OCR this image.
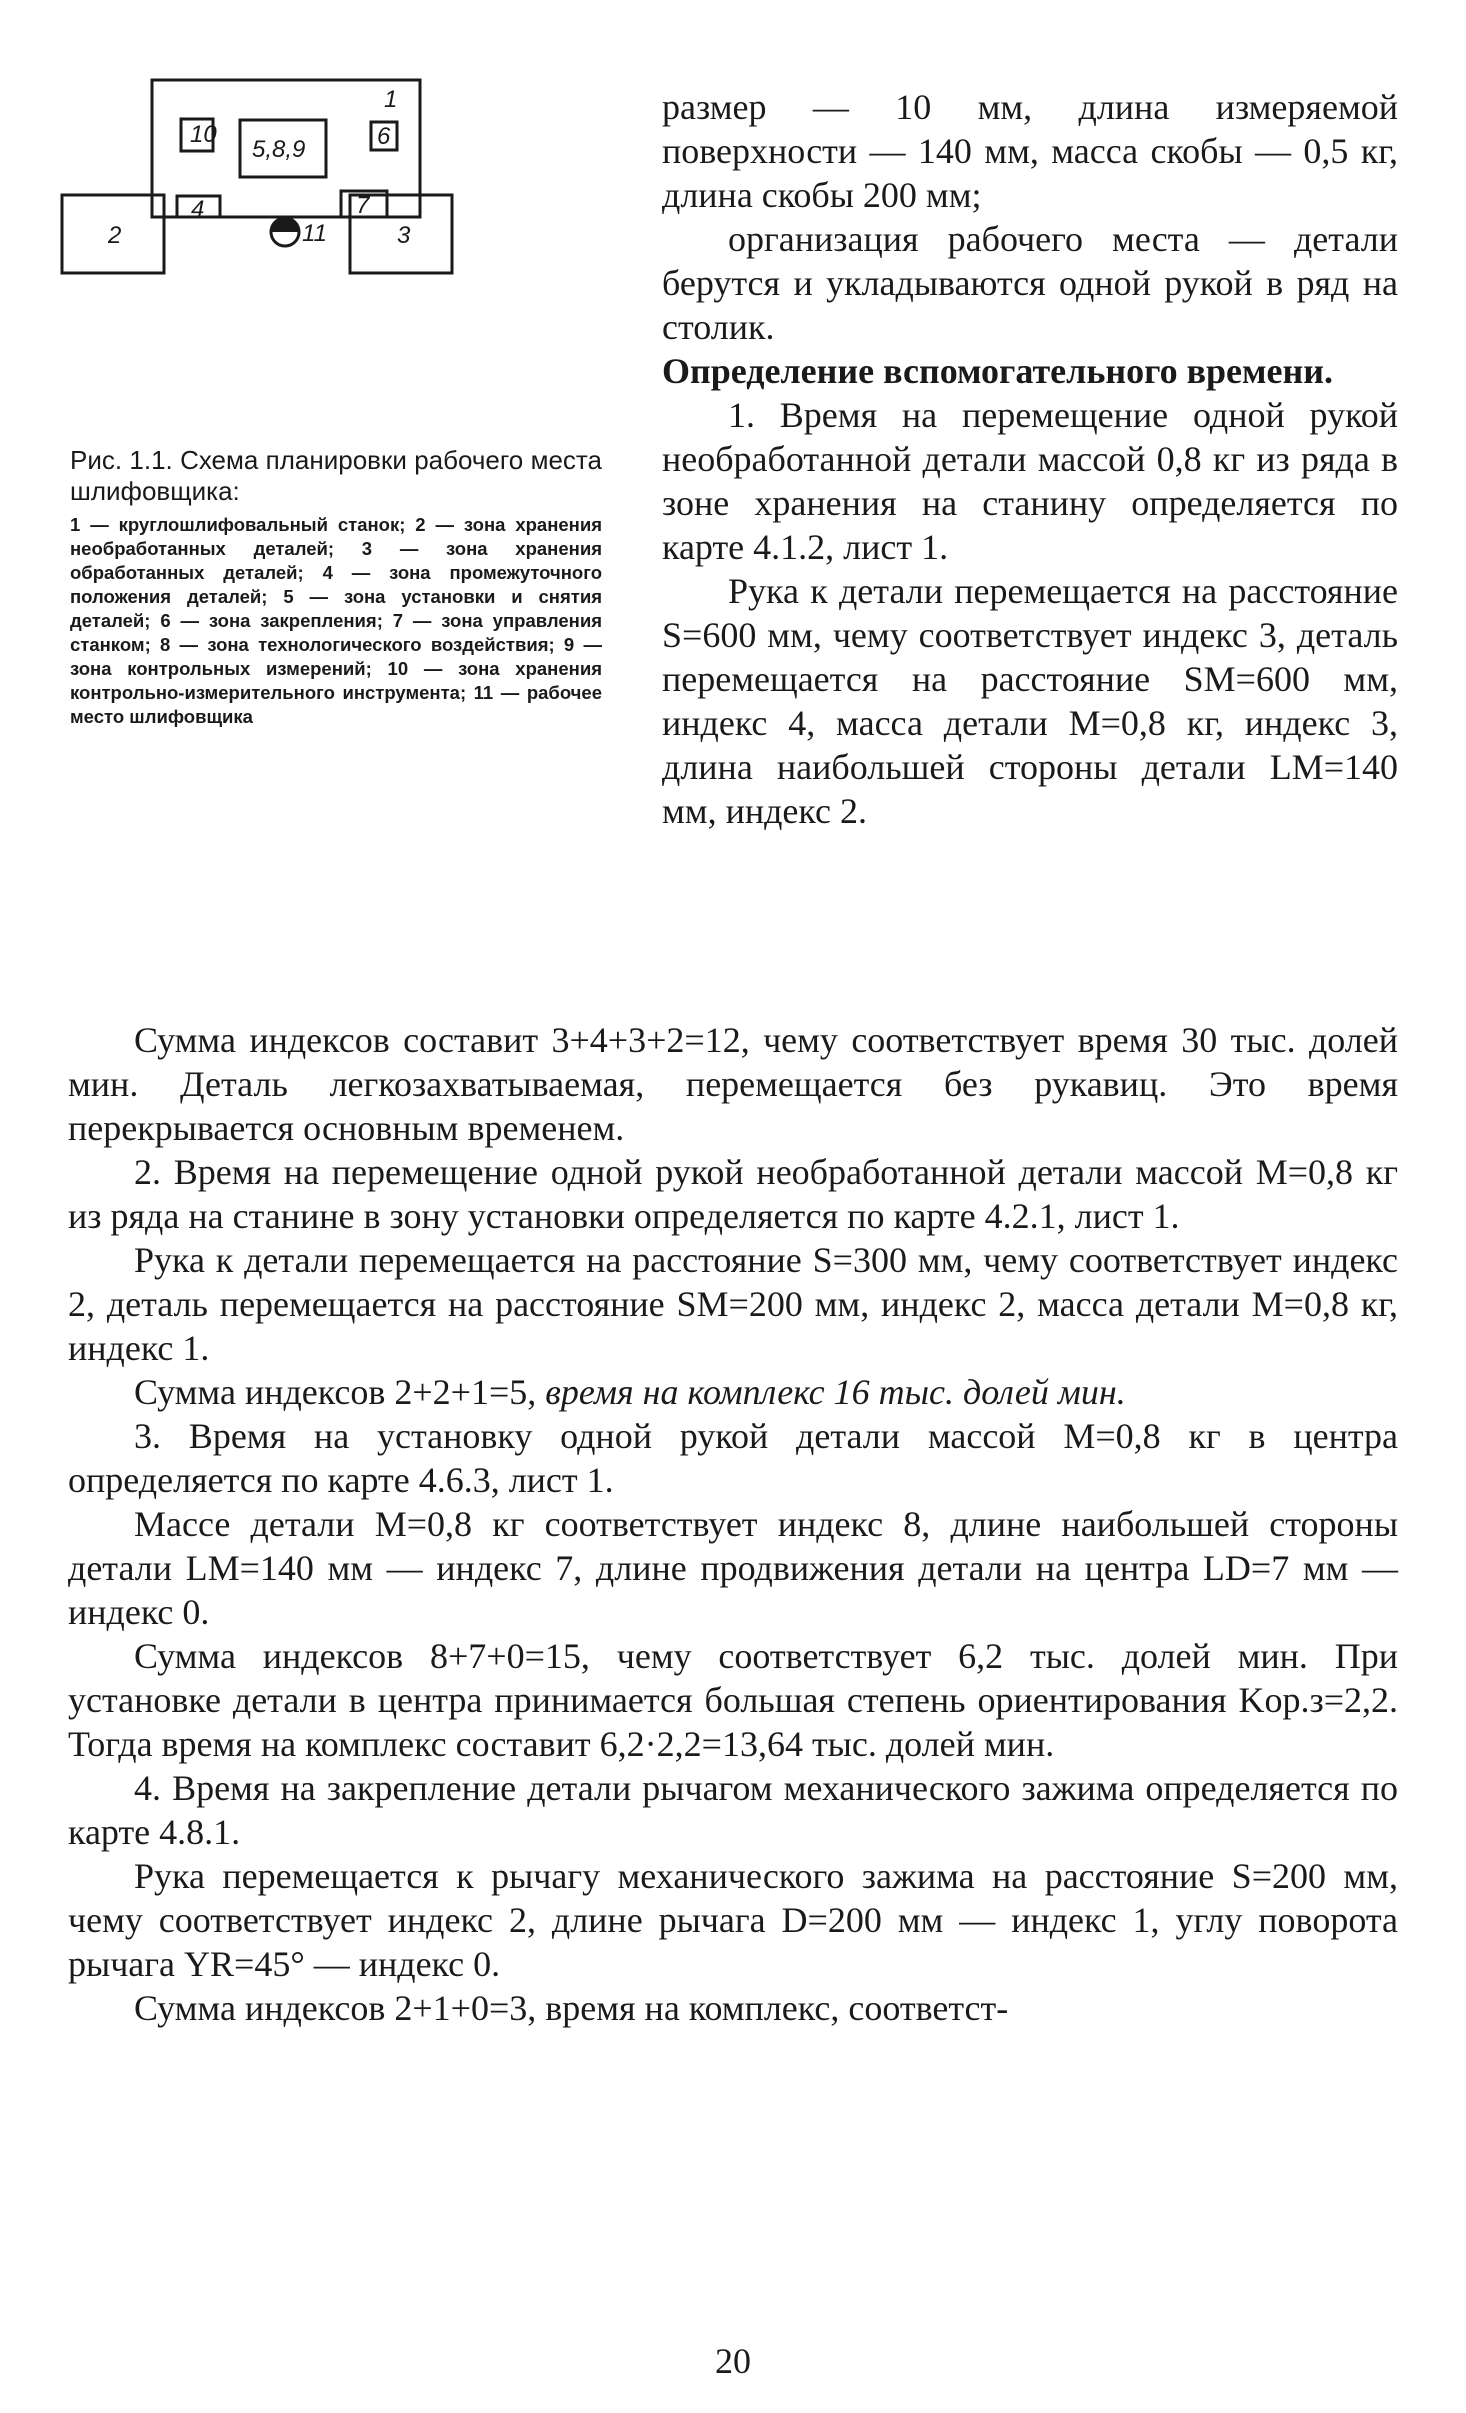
1
2	3
10
5,8,9	6
4	7
11
Рис. 1.1. Схема планировки рабочего места шлифовщика:
1 — круглошлифовальный станок; 2 — зона хранения необработанных деталей; 3 — зона хранения обработанных деталей; 4 — зона промежуточного положения деталей; 5 — зона установки и снятия деталей; 6 — зона закрепления; 7 — зона управления станком; 8 — зона технологического воздействия; 9 — зона контрольных измерений; 10 — зона хранения контрольно-измерительного инструмента; 11 — рабочее место шлифовщика

размер — 10 мм, длина измеряемой поверхности — 140 мм, масса скобы — 0,5 кг, длина скобы 200 мм;

организация рабочего места — детали берутся и укладываются одной рукой в ряд на столик.

Определение вспомогательного времени.

1. Время на перемещение одной рукой необработанной детали массой 0,8 кг из ряда в зоне хранения на станину определяется по карте 4.1.2, лист 1.

Рука к детали перемещается на расстояние S=600 мм, чему соответствует индекс 3, деталь перемещается на расстояние SM=600 мм, индекс 4, масса детали M=0,8 кг, индекс 3, длина наибольшей стороны детали LM=140 мм, индекс 2.

Сумма индексов составит 3+4+3+2=12, чему соответствует время 30 тыс. долей мин. Деталь легкозахватываемая, перемещается без рукавиц. Это время перекрывается основным временем.

2. Время на перемещение одной рукой необработанной детали массой M=0,8 кг из ряда на станине в зону установки определяется по карте 4.2.1, лист 1.

Рука к детали перемещается на расстояние S=300 мм, чему соответствует индекс 2, деталь перемещается на расстояние SM=200 мм, индекс 2, масса детали M=0,8 кг, индекс 1.

Сумма индексов 2+2+1=5, время на комплекс 16 тыс. долей мин.

3. Время на установку одной рукой детали массой M=0,8 кг в центра определяется по карте 4.6.3, лист 1.

Массе детали M=0,8 кг соответствует индекс 8, длине наибольшей стороны детали LM=140 мм — индекс 7, длине продвижения детали на центра LD=7 мм — индекс 0.

Сумма индексов 8+7+0=15, чему соответствует 6,2 тыс. долей мин. При установке детали в центра принимается большая степень ориентирования Kор.з=2,2. Тогда время на комплекс составит 6,2·2,2=13,64 тыс. долей мин.

4. Время на закрепление детали рычагом механического зажима определяется по карте 4.8.1.

Рука перемещается к рычагу механического зажима на расстояние S=200 мм, чему соответствует индекс 2, длине рычага D=200 мм — индекс 1, углу поворота рычага YR=45° — индекс 0.

Сумма индексов 2+1+0=3, время на комплекс, соответст-

20
